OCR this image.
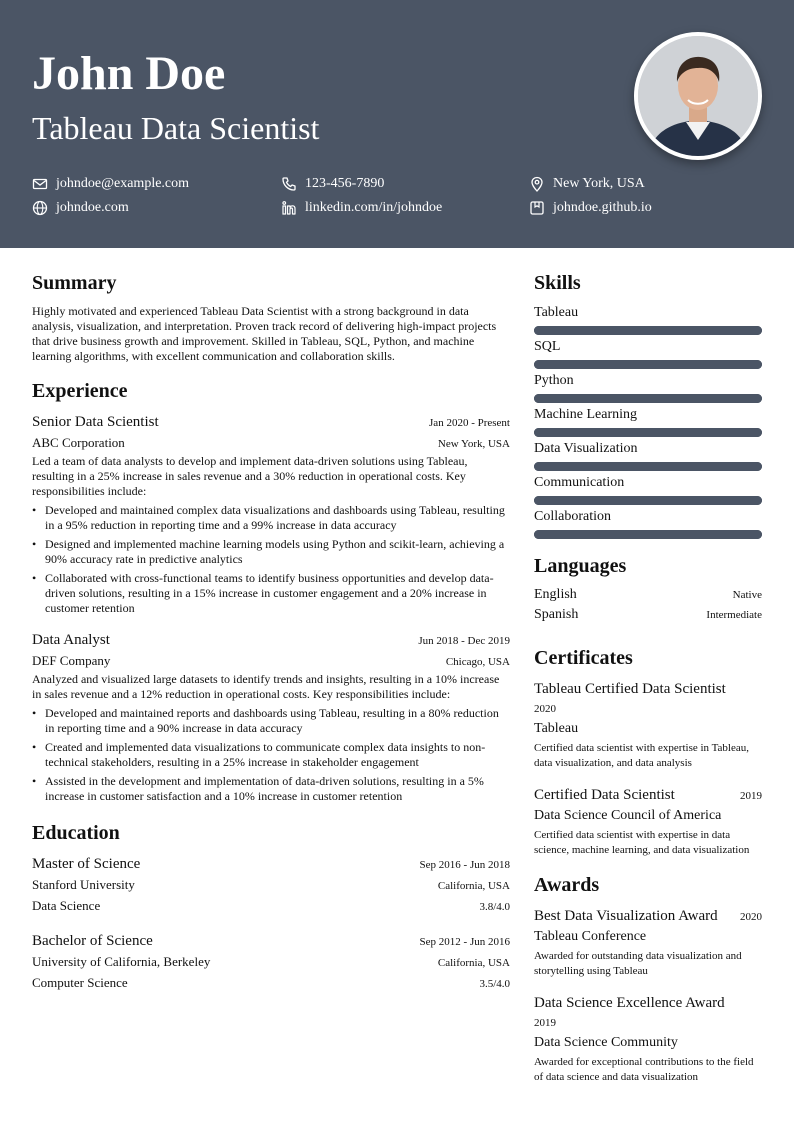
John Doe
Tableau Data Scientist
johndoe@example.com	123-456-7890	New York, USA
johndoe.com	linkedin.com/in/johndoe	johndoe.github.io
Summary

Highly motivated and experienced Tableau Data Scientist with a strong background in data analysis, visualization, and interpretation. Proven track record of delivering high-impact projects that drive business growth and improvement. Skilled in Tableau, SQL, Python, and machine learning algorithms, with excellent communication and collaboration skills.

Experience
Senior Data Scientist	Jan 2020 - Present
ABC Corporation	New York, USA

Led a team of data analysts to develop and implement data-driven solutions using Tableau, resulting in a 25% increase in sales revenue and a 30% reduction in operational costs. Key responsibilities include:

• Developed and maintained complex data visualizations and dashboards using Tableau, resulting in a 95% reduction in reporting time and a 99% increase in data accuracy
• Designed and implemented machine learning models using Python and scikit-learn, achieving a 90% accuracy rate in predictive analytics
• Collaborated with cross-functional teams to identify business opportunities and develop data-driven solutions, resulting in a 15% increase in customer engagement and a 20% increase in customer retention
Data Analyst	Jun 2018 - Dec 2019
DEF Company	Chicago, USA

Analyzed and visualized large datasets to identify trends and insights, resulting in a 10% increase in sales revenue and a 12% reduction in operational costs. Key responsibilities include:

• Developed and maintained reports and dashboards using Tableau, resulting in a 80% reduction in reporting time and a 90% increase in data accuracy
• Created and implemented data visualizations to communicate complex data insights to non-technical stakeholders, resulting in a 25% increase in stakeholder engagement
• Assisted in the development and implementation of data-driven solutions, resulting in a 5% increase in customer satisfaction and a 10% increase in customer retention
Education
Master of Science	Sep 2016 - Jun 2018
Stanford University	California, USA
Data Science	3.8/4.0
Bachelor of Science	Sep 2012 - Jun 2016
University of California, Berkeley	California, USA
Computer Science	3.5/4.0
Skills
Tableau
SQL
Python
Machine Learning
Data Visualization
Communication
Collaboration
Languages
English	Native
Spanish	Intermediate
Certificates
Tableau Certified Data Scientist
2020
Tableau

Certified data scientist with expertise in Tableau, data visualization, and data analysis

Certified Data Scientist	2019
Data Science Council of America

Certified data scientist with expertise in data science, machine learning, and data visualization

Awards
Best Data Visualization Award 2020
Tableau Conference

Awarded for outstanding data visualization and storytelling using Tableau

Data Science Excellence Award
2019
Data Science Community

Awarded for exceptional contributions to the field of data science and data visualization
